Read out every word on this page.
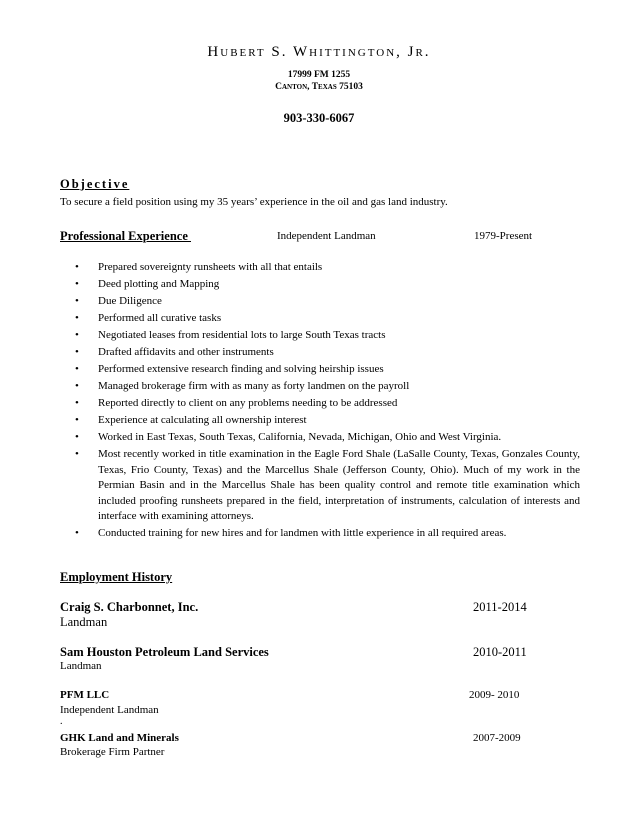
Hubert S. Whittington, Jr.
17999 FM 1255
Canton, Texas 75103
903-330-6067
Objective
To secure a field position using my 35 years’ experience in the oil and gas land industry.
Professional Experience	Independent Landman	1979-Present
• Prepared sovereignty runsheets with all that entails
• Deed plotting and Mapping
• Due Diligence
• Performed all curative tasks
• Negotiated leases from residential lots to large South Texas tracts
• Drafted affidavits and other instruments
• Performed extensive research finding and solving heirship issues
• Managed brokerage firm with as many as forty landmen on the payroll
• Reported directly to client on any problems needing to be addressed
• Experience at calculating all ownership interest
• Worked in East Texas, South Texas, California, Nevada, Michigan, Ohio and West Virginia.
• Most recently worked in title examination in the Eagle Ford Shale (LaSalle County, Texas, Gonzales County, Texas, Frio County, Texas) and the Marcellus Shale (Jefferson County, Ohio). Much of my work in the Permian Basin and in the Marcellus Shale has been quality control and remote title examination which included proofing runsheets prepared in the field, interpretation of instruments, calculation of interests and interface with examining attorneys.
• Conducted training for new hires and for landmen with little experience in all required areas.
Employment History
Craig S. Charbonnet, Inc.
Landman
2011-2014
Sam Houston Petroleum Land Services
Landman
2010-2011
PFM LLC
Independent Landman
2009- 2010
.
GHK Land and Minerals
Brokerage Firm Partner
2007-2009
